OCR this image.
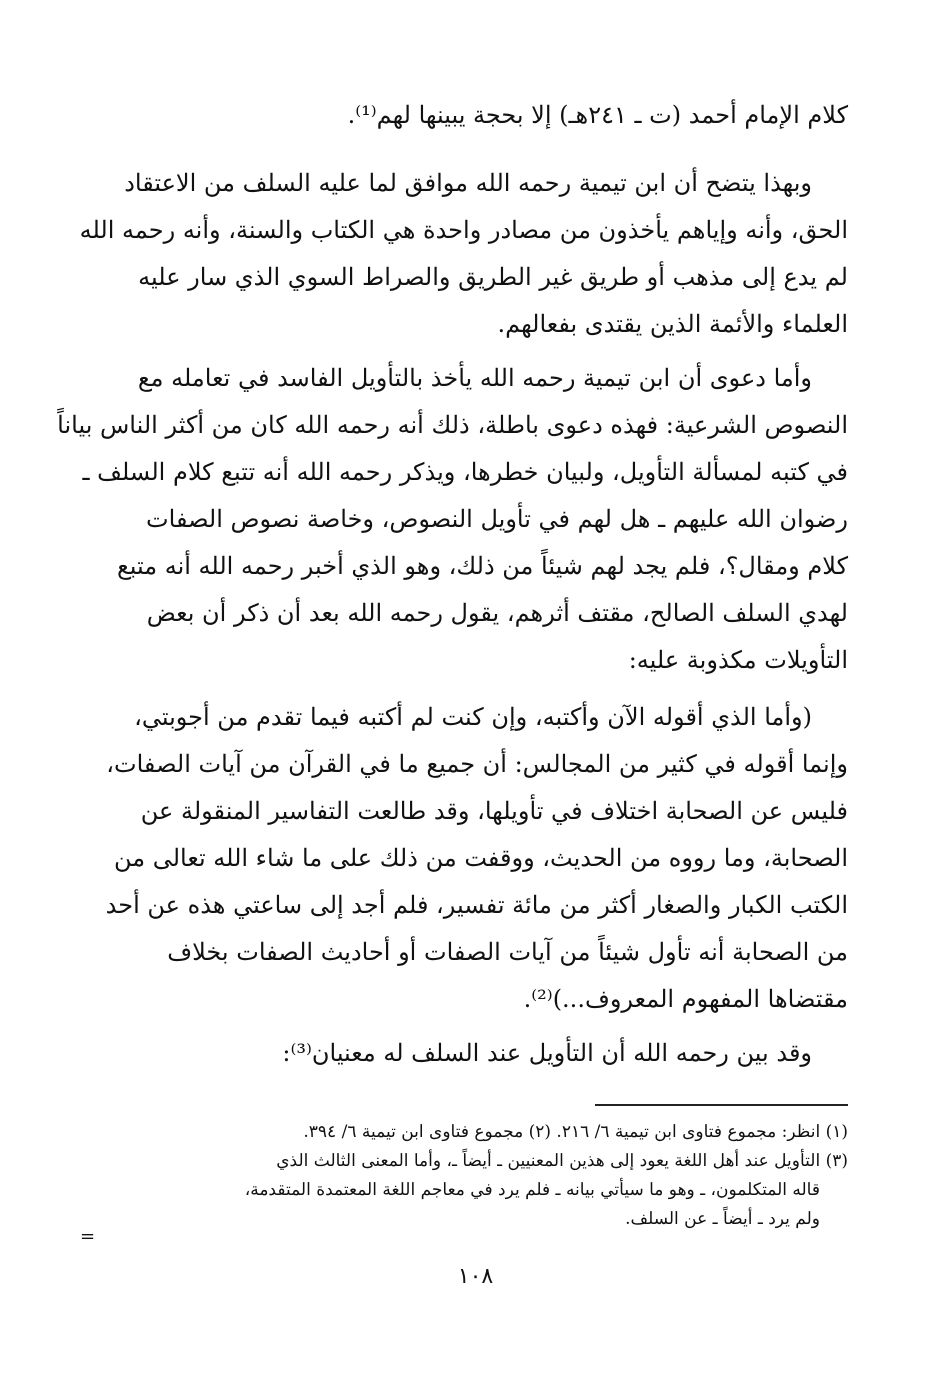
كلام الإمام أحمد (ت ـ ٢٤١هـ) إلا بحجة يبينها لهم⁽¹⁾.
وبهذا يتضح أن ابن تيمية رحمه الله موافق لما عليه السلف من الاعتقاد
الحق، وأنه وإياهم يأخذون من مصادر واحدة هي الكتاب والسنة، وأنه رحمه الله
لم يدع إلى مذهب أو طريق غير الطريق والصراط السوي الذي سار عليه
العلماء والأئمة الذين يقتدى بفعالهم.
وأما دعوى أن ابن تيمية رحمه الله يأخذ بالتأويل الفاسد في تعامله مع
النصوص الشرعية: فهذه دعوى باطلة، ذلك أنه رحمه الله كان من أكثر الناس بياناً
في كتبه لمسألة التأويل، ولبيان خطرها، ويذكر رحمه الله أنه تتبع كلام السلف ـ
رضوان الله عليهم ـ هل لهم في تأويل النصوص، وخاصة نصوص الصفات
كلام ومقال؟، فلم يجد لهم شيئاً من ذلك، وهو الذي أخبر رحمه الله أنه متبع
لهدي السلف الصالح، مقتف أثرهم، يقول رحمه الله بعد أن ذكر أن بعض
التأويلات مكذوبة عليه:
(وأما الذي أقوله الآن وأكتبه، وإن كنت لم أكتبه فيما تقدم من أجوبتي،
وإنما أقوله في كثير من المجالس: أن جميع ما في القرآن من آيات الصفات،
فليس عن الصحابة اختلاف في تأويلها، وقد طالعت التفاسير المنقولة عن
الصحابة، وما رووه من الحديث، ووقفت من ذلك على ما شاء الله تعالى من
الكتب الكبار والصغار أكثر من مائة تفسير، فلم أجد إلى ساعتي هذه عن أحد
من الصحابة أنه تأول شيئاً من آيات الصفات أو أحاديث الصفات بخلاف
مقتضاها المفهوم المعروف...)⁽²⁾.
وقد بين رحمه الله أن التأويل عند السلف له معنيان⁽³⁾:
(١) انظر: مجموع فتاوى ابن تيمية ٦/ ٢١٦. (٢) مجموع فتاوى ابن تيمية ٦/ ٣٩٤.
(٣) التأويل عند أهل اللغة يعود إلى هذين المعنيين ـ أيضاً ـ، وأما المعنى الثالث الذي
قاله المتكلمون، ـ وهو ما سيأتي بيانه ـ فلم يرد في معاجم اللغة المعتمدة المتقدمة،
ولم يرد ـ أيضاً ـ عن السلف.
=
١٠٨
